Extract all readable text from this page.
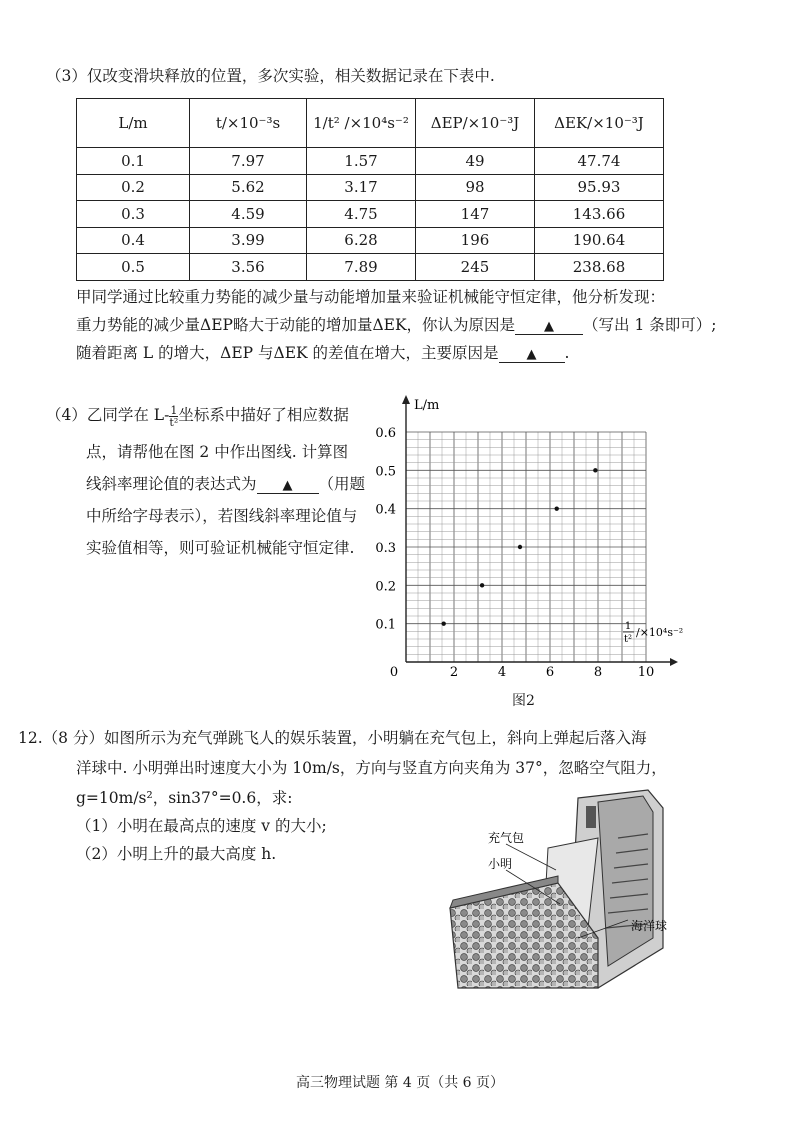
（3）仅改变滑块释放的位置，多次实验，相关数据记录在下表中.
L/m	t/×10⁻³s	1/t² /×10⁴s⁻²	ΔEP/×10⁻³J	ΔEK/×10⁻³J
0.1	7.97	1.57	49	47.74
0.2	5.62	3.17	98	95.93
0.3	4.59	4.75	147	143.66
0.4	3.99	6.28	196	190.64
0.5	3.56	7.89	245	238.68
甲同学通过比较重力势能的减少量与动能增加量来验证机械能守恒定律，他分析发现：
重力势能的减少量ΔEP略大于动能的增加量ΔEK，你认为原因是 ▲ （写出 1 条即可）;
随着距离 L 的增大，ΔEP 与ΔEK 的差值在增大，主要原因是 ▲ .
（4）乙同学在 $L- \frac{1}{\text{t²}}$ 坐标系中描好了相应数据
点，请帮他在图 2 中作出图线. 计算图
线斜率理论值的表达式为 ▲ （用题
中所给字母表示），若图线斜率理论值与
实验值相等，则可验证机械能守恒定律.
L/m
1
t²
/×10⁴s⁻²
0
0.1
0.2
0.3
0.4
0.5
0.6
2	4	6	8	10
图2
12.（8 分）如图所示为充气弹跳飞人的娱乐装置，小明躺在充气包上，斜向上弹起后落入海
洋球中. 小明弹出时速度大小为 10m/s，方向与竖直方向夹角为 37°，忽略空气阻力，
g=10m/s²，sin37°=0.6，求:
（1）小明在最高点的速度 v 的大小;
（2）小明上升的最大高度 h.
充气包
小明
海洋球
高三物理试题 第 4 页（共 6 页）
